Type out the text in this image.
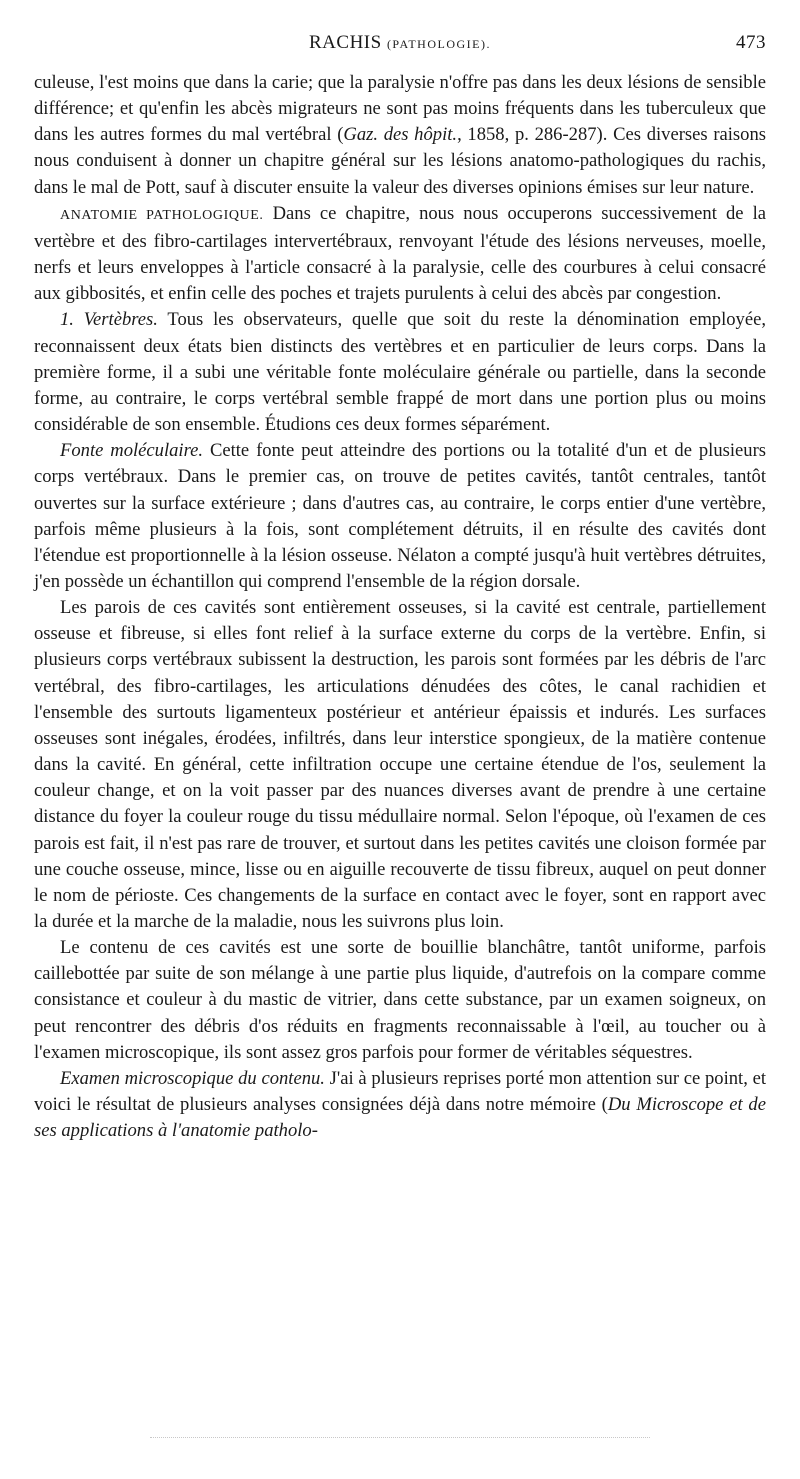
RACHIS (PATHOLOGIE).	473

culeuse, l'est moins que dans la carie; que la paralysie n'offre pas dans les deux lésions de sensible différence; et qu'enfin les abcès migrateurs ne sont pas moins fréquents dans les tuberculeux que dans les autres formes du mal vertébral (Gaz. des hôpit., 1858, p. 286-287). Ces diverses raisons nous conduisent à donner un chapitre général sur les lésions anatomo-pathologiques du rachis, dans le mal de Pott, sauf à discuter ensuite la valeur des diverses opinions émises sur leur nature.

ANATOMIE PATHOLOGIQUE. Dans ce chapitre, nous nous occuperons successivement de la vertèbre et des fibro-cartilages intervertébraux, renvoyant l'étude des lésions nerveuses, moelle, nerfs et leurs enveloppes à l'article consacré à la paralysie, celle des courbures à celui consacré aux gibbosités, et enfin celle des poches et trajets purulents à celui des abcès par congestion.

1. Vertèbres. Tous les observateurs, quelle que soit du reste la dénomination employée, reconnaissent deux états bien distincts des vertèbres et en particulier de leurs corps. Dans la première forme, il a subi une véritable fonte moléculaire générale ou partielle, dans la seconde forme, au contraire, le corps vertébral semble frappé de mort dans une portion plus ou moins considérable de son ensemble. Étudions ces deux formes séparément.

Fonte moléculaire. Cette fonte peut atteindre des portions ou la totalité d'un et de plusieurs corps vertébraux. Dans le premier cas, on trouve de petites cavités, tantôt centrales, tantôt ouvertes sur la surface extérieure ; dans d'autres cas, au contraire, le corps entier d'une vertèbre, parfois même plusieurs à la fois, sont complétement détruits, il en résulte des cavités dont l'étendue est proportionnelle à la lésion osseuse. Nélaton a compté jusqu'à huit vertèbres détruites, j'en possède un échantillon qui comprend l'ensemble de la région dorsale.

Les parois de ces cavités sont entièrement osseuses, si la cavité est centrale, partiellement osseuse et fibreuse, si elles font relief à la surface externe du corps de la vertèbre. Enfin, si plusieurs corps vertébraux subissent la destruction, les parois sont formées par les débris de l'arc vertébral, des fibro-cartilages, les articulations dénudées des côtes, le canal rachidien et l'ensemble des surtouts ligamenteux postérieur et antérieur épaissis et indurés. Les surfaces osseuses sont inégales, érodées, infiltrés, dans leur interstice spongieux, de la matière contenue dans la cavité. En général, cette infiltration occupe une certaine étendue de l'os, seulement la couleur change, et on la voit passer par des nuances diverses avant de prendre à une certaine distance du foyer la couleur rouge du tissu médullaire normal. Selon l'époque, où l'examen de ces parois est fait, il n'est pas rare de trouver, et surtout dans les petites cavités une cloison formée par une couche osseuse, mince, lisse ou en aiguille recouverte de tissu fibreux, auquel on peut donner le nom de périoste. Ces changements de la surface en contact avec le foyer, sont en rapport avec la durée et la marche de la maladie, nous les suivrons plus loin.

Le contenu de ces cavités est une sorte de bouillie blanchâtre, tantôt uniforme, parfois caillebottée par suite de son mélange à une partie plus liquide, d'autrefois on la compare comme consistance et couleur à du mastic de vitrier, dans cette substance, par un examen soigneux, on peut rencontrer des débris d'os réduits en fragments reconnaissable à l'œil, au toucher ou à l'examen microscopique, ils sont assez gros parfois pour former de véritables séquestres.

Examen microscopique du contenu. J'ai à plusieurs reprises porté mon attention sur ce point, et voici le résultat de plusieurs analyses consignées déjà dans notre mémoire (Du Microscope et de ses applications à l'anatomie patholo-
